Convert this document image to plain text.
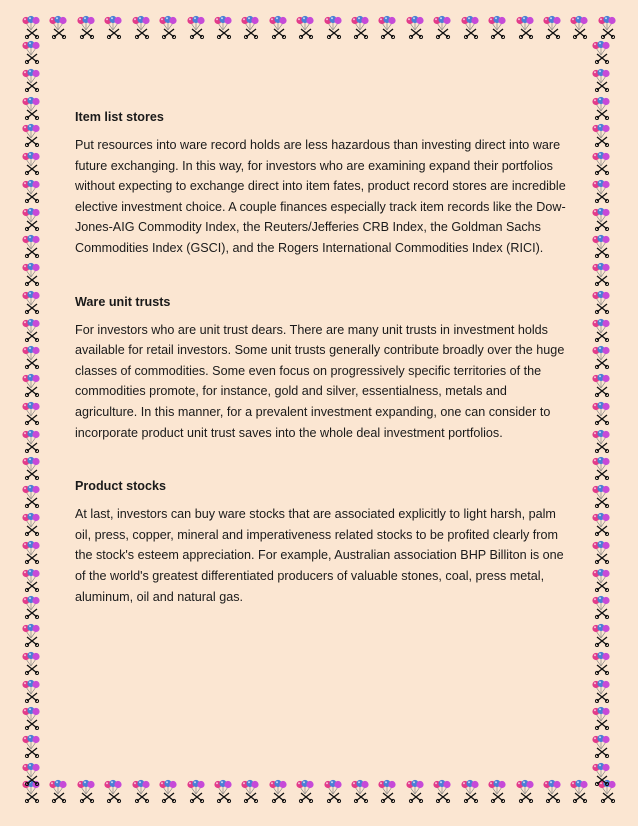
Item list stores

Put resources into ware record holds are less hazardous than investing direct into ware future exchanging. In this way, for investors who are examining expand their portfolios without expecting to exchange direct into item fates, product record stores are incredible elective investment choice. A couple finances especially track item records like the Dow-Jones-AIG Commodity Index, the Reuters/Jefferies CRB Index, the Goldman Sachs Commodities Index (GSCI), and the Rogers International Commodities Index (RICI).

Ware unit trusts

For investors who are unit trust dears. There are many unit trusts in investment holds available for retail investors. Some unit trusts generally contribute broadly over the huge classes of commodities. Some even focus on progressively specific territories of the commodities promote, for instance, gold and silver, essentialness, metals and agriculture. In this manner, for a prevalent investment expanding, one can consider to incorporate product unit trust saves into the whole deal investment portfolios.

Product stocks

At last, investors can buy ware stocks that are associated explicitly to light harsh, palm oil, press, copper, mineral and imperativeness related stocks to be profited clearly from the stock's esteem appreciation. For example, Australian association BHP Billiton is one of the world's greatest differentiated producers of valuable stones, coal, press metal, aluminum, oil and natural gas.
